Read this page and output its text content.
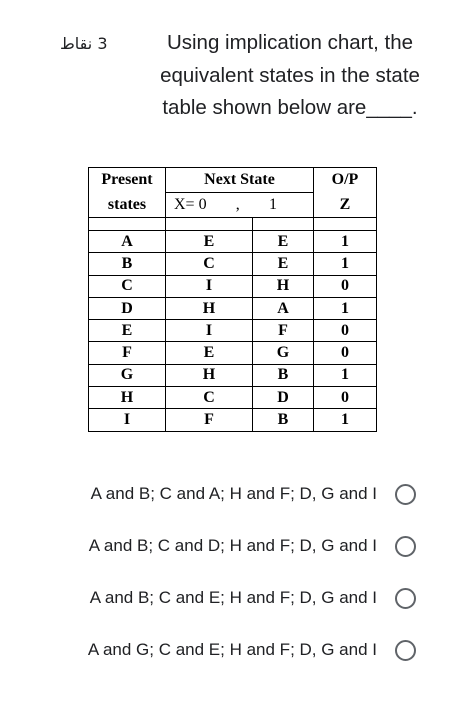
3 نقاط	Using implication chart, the
equivalent states in the state
table shown below are____.
Present	Next State		O/P
states	X= 0 , 1		Z

A	E	E	1
B	C	E	1
C	I	H	0
D	H	A	1
E	I	F	0
F	E	G	0
G	H	B	1
H	C	D	0
I	F	B	1
A and B; C and A; H and F; D, G and I
A and B; C and D; H and F; D, G and I
A and B; C and E; H and F; D, G and I
A and G; C and E; H and F; D, G and I
